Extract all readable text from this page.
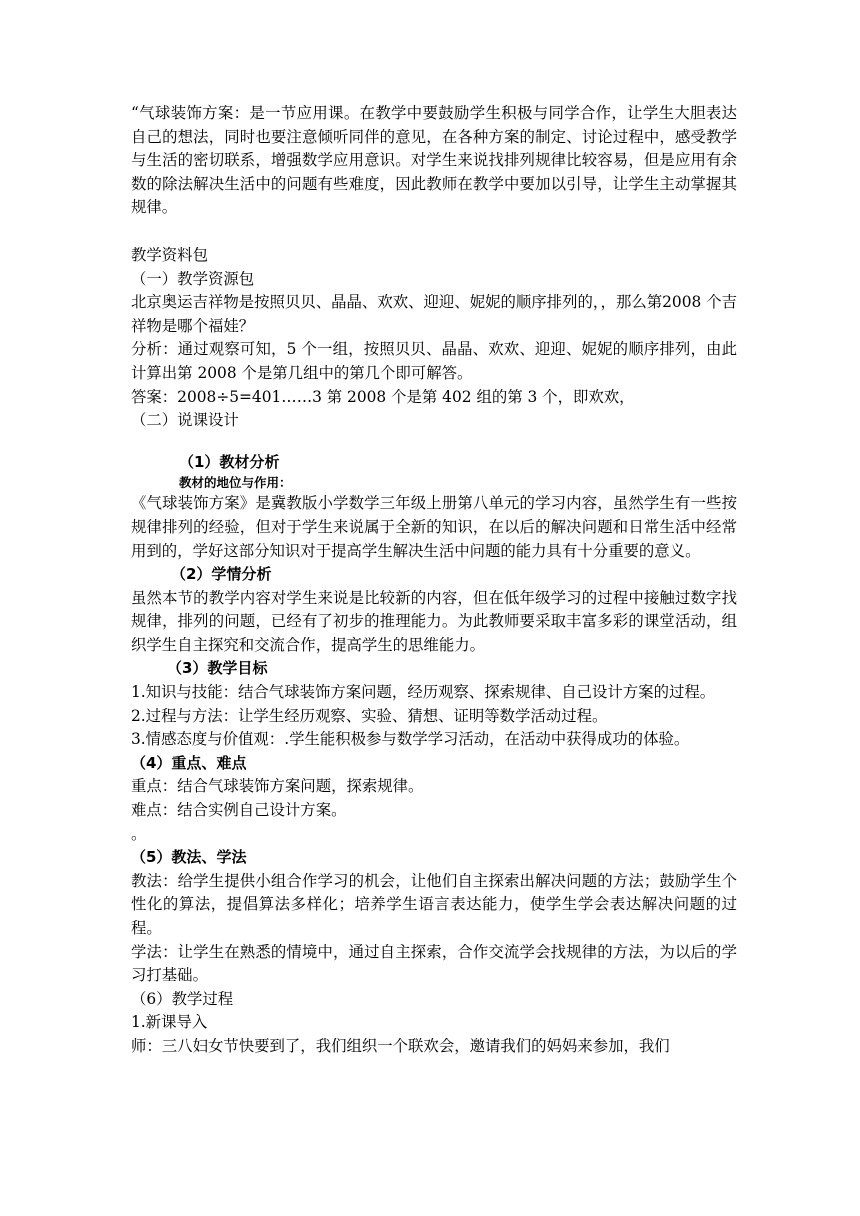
“气球装饰方案：是一节应用课。在教学中要鼓励学生积极与同学合作，让学生大胆表达自己的想法，同时也要注意倾听同伴的意见，在各种方案的制定、讨论过程中，感受教学与生活的密切联系，增强数学应用意识。对学生来说找排列规律比较容易，但是应用有余数的除法解决生活中的问题有些难度，因此教师在教学中要加以引导，让学生主动掌握其规律。

教学资料包

（一）教学资源包

北京奥运吉祥物是按照贝贝、晶晶、欢欢、迎迎、妮妮的顺序排列的，，那么第2008 个吉祥物是哪个福娃？

分析：通过观察可知，5 个一组，按照贝贝、晶晶、欢欢、迎迎、妮妮的顺序排列，由此计算出第 2008 个是第几组中的第几个即可解答。

答案：2008÷5=401……3 第 2008 个是第 402 组的第 3 个，即欢欢，

（二）说课设计

（1）教材分析

教材的地位与作用：

《气球装饰方案》是冀教版小学数学三年级上册第八单元的学习内容，虽然学生有一些按规律排列的经验，但对于学生来说属于全新的知识，在以后的解决问题和日常生活中经常用到的，学好这部分知识对于提高学生解决生活中问题的能力具有十分重要的意义。

（2）学情分析

虽然本节的教学内容对学生来说是比较新的内容，但在低年级学习的过程中接触过数字找规律，排列的问题，已经有了初步的推理能力。为此教师要采取丰富多彩的课堂活动，组织学生自主探究和交流合作，提高学生的思维能力。

（3）教学目标

1.知识与技能：结合气球装饰方案问题，经历观察、探索规律、自己设计方案的过程。

2.过程与方法：让学生经历观察、实验、猜想、证明等数学活动过程。

3.情感态度与价值观：.学生能积极参与数学学习活动，在活动中获得成功的体验。

（4）重点、难点

重点：结合气球装饰方案问题，探索规律。

难点：结合实例自己设计方案。

。

（5）教法、学法

教法：给学生提供小组合作学习的机会，让他们自主探索出解决问题的方法；鼓励学生个性化的算法，提倡算法多样化；培养学生语言表达能力，使学生学会表达解决问题的过程。

学法：让学生在熟悉的情境中，通过自主探索，合作交流学会找规律的方法，为以后的学习打基础。

（6）教学过程

1.新课导入

师：三八妇女节快要到了，我们组织一个联欢会，邀请我们的妈妈来参加，我们
